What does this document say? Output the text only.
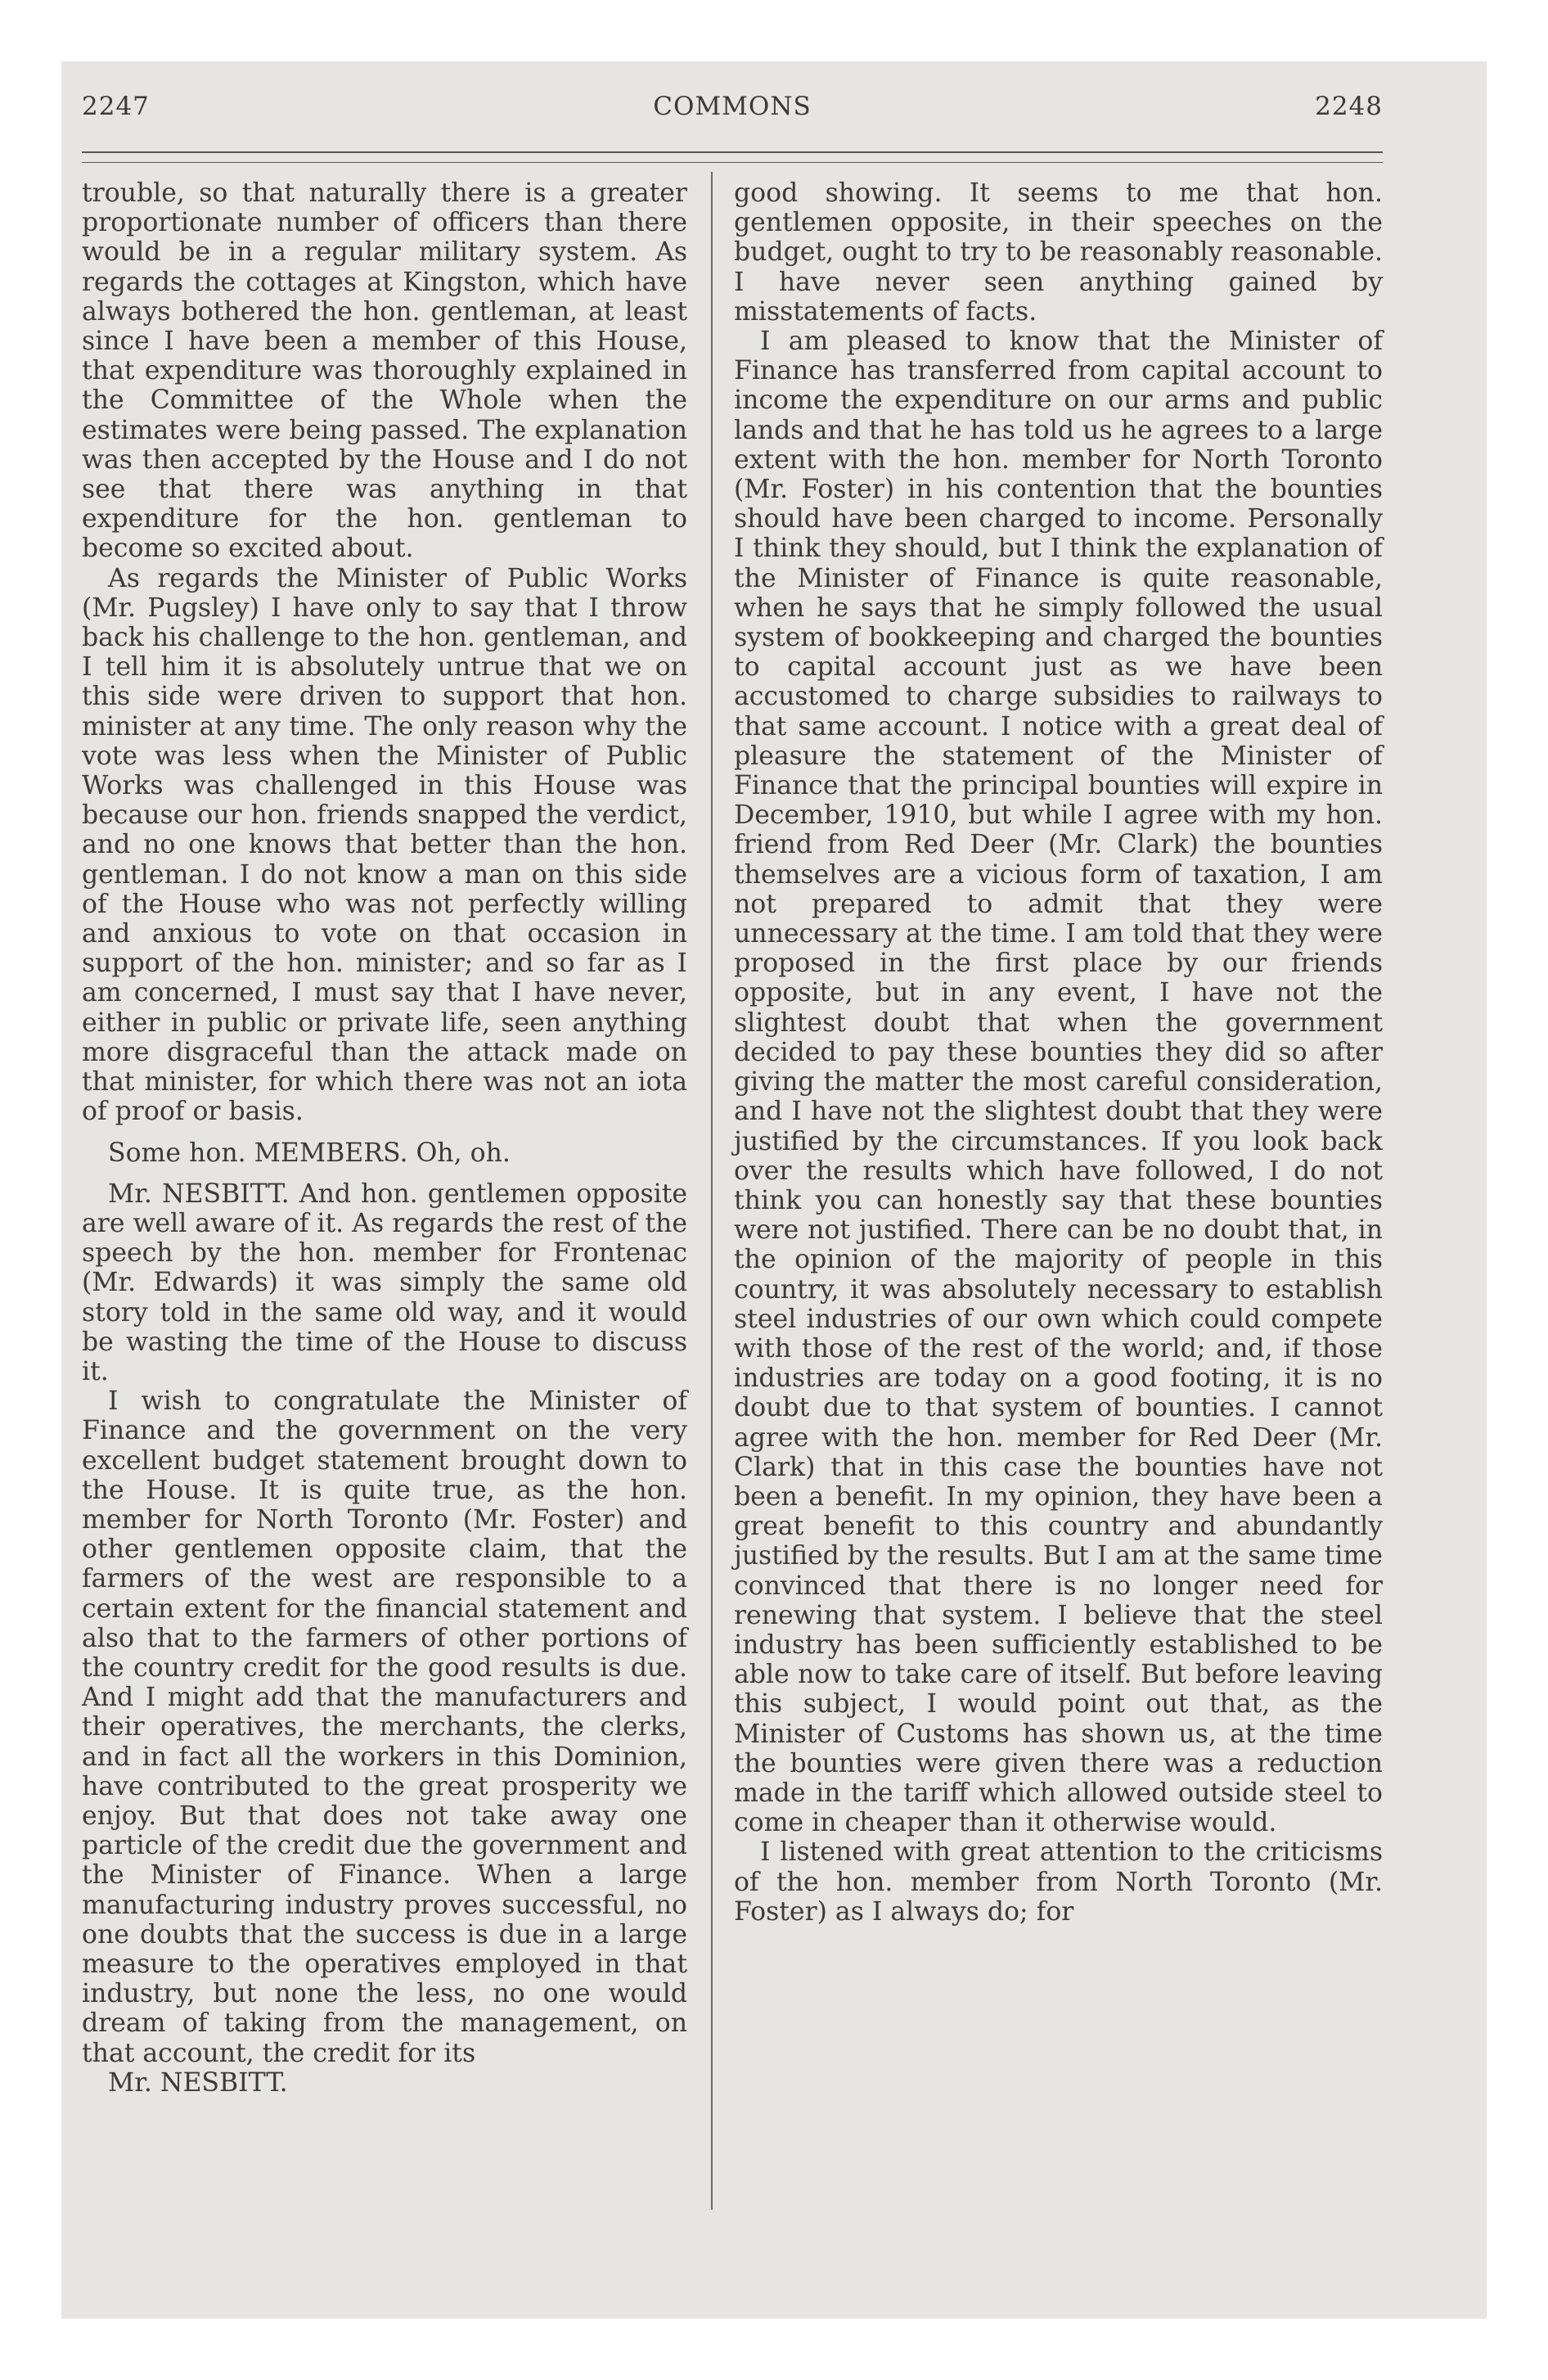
2247	COMMONS	2248

trouble, so that naturally there is a greater proportionate number of officers than there would be in a regular military system. As regards the cottages at Kingston, which have always bothered the hon. gentleman, at least since I have been a member of this House, that expenditure was thoroughly explained in the Committee of the Whole when the estimates were being passed. The explanation was then accepted by the House and I do not see that there was anything in that expenditure for the hon. gentleman to become so excited about.

As regards the Minister of Public Works (Mr. Pugsley) I have only to say that I throw back his challenge to the hon. gentleman, and I tell him it is absolutely untrue that we on this side were driven to support that hon. minister at any time. The only reason why the vote was less when the Minister of Public Works was challenged in this House was because our hon. friends snapped the verdict, and no one knows that better than the hon. gentleman. I do not know a man on this side of the House who was not perfectly willing and anxious to vote on that occasion in support of the hon. minister; and so far as I am concerned, I must say that I have never, either in public or private life, seen anything more disgraceful than the attack made on that minister, for which there was not an iota of proof or basis.

Some hon. MEMBERS. Oh, oh.

Mr. NESBITT. And hon. gentlemen opposite are well aware of it. As regards the rest of the speech by the hon. member for Frontenac (Mr. Edwards) it was simply the same old story told in the same old way, and it would be wasting the time of the House to discuss it.

I wish to congratulate the Minister of Finance and the government on the very excellent budget statement brought down to the House. It is quite true, as the hon. member for North Toronto (Mr. Foster) and other gentlemen opposite claim, that the farmers of the west are responsible to a certain extent for the financial statement and also that to the farmers of other portions of the country credit for the good results is due. And I might add that the manufacturers and their operatives, the merchants, the clerks, and in fact all the workers in this Dominion, have contributed to the great prosperity we enjoy. But that does not take away one particle of the credit due the government and the Minister of Finance. When a large manufacturing industry proves successful, no one doubts that the success is due in a large measure to the operatives employed in that industry, but none the less, no one would dream of taking from the management, on that account, the credit for its

Mr. NESBITT.

good showing. It seems to me that hon. gentlemen opposite, in their speeches on the budget, ought to try to be reasonably reasonable. I have never seen anything gained by misstatements of facts.

I am pleased to know that the Minister of Finance has transferred from capital account to income the expenditure on our arms and public lands and that he has told us he agrees to a large extent with the hon. member for North Toronto (Mr. Foster) in his contention that the bounties should have been charged to income. Personally I think they should, but I think the explanation of the Minister of Finance is quite reasonable, when he says that he simply followed the usual system of bookkeeping and charged the bounties to capital account just as we have been accustomed to charge subsidies to railways to that same account. I notice with a great deal of pleasure the statement of the Minister of Finance that the principal bounties will expire in December, 1910, but while I agree with my hon. friend from Red Deer (Mr. Clark) the bounties themselves are a vicious form of taxation, I am not prepared to admit that they were unnecessary at the time. I am told that they were proposed in the first place by our friends opposite, but in any event, I have not the slightest doubt that when the government decided to pay these bounties they did so after giving the matter the most careful consideration, and I have not the slightest doubt that they were justified by the circumstances. If you look back over the results which have followed, I do not think you can honestly say that these bounties were not justified. There can be no doubt that, in the opinion of the majority of people in this country, it was absolutely necessary to establish steel industries of our own which could compete with those of the rest of the world; and, if those industries are today on a good footing, it is no doubt due to that system of bounties. I cannot agree with the hon. member for Red Deer (Mr. Clark) that in this case the bounties have not been a benefit. In my opinion, they have been a great benefit to this country and abundantly justified by the results. But I am at the same time convinced that there is no longer need for renewing that system. I believe that the steel industry has been sufficiently established to be able now to take care of itself. But before leaving this subject, I would point out that, as the Minister of Customs has shown us, at the time the bounties were given there was a reduction made in the tariff which allowed outside steel to come in cheaper than it otherwise would.

I listened with great attention to the criticisms of the hon. member from North Toronto (Mr. Foster) as I always do; for
